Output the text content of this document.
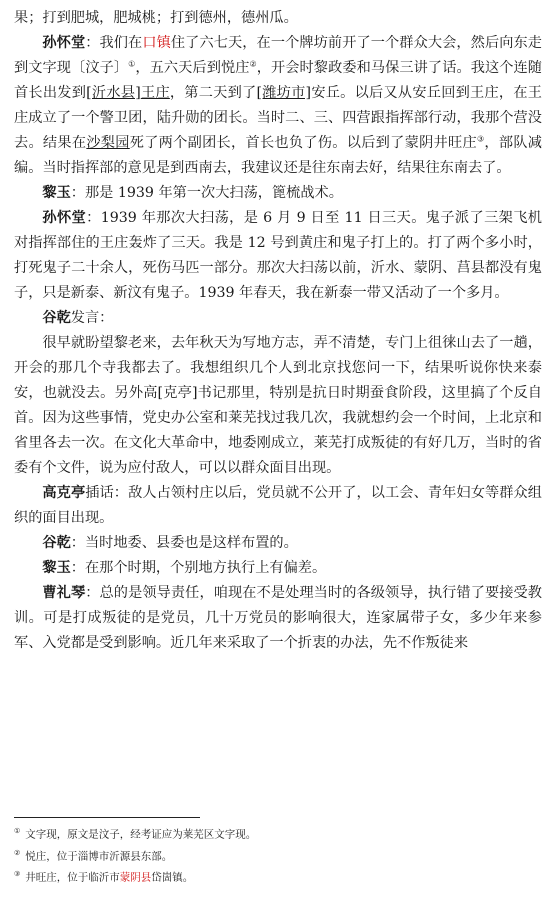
果；打到肥城，肥城桃；打到德州，德州瓜。

孙怀堂：我们在口镇住了六七天，在一个牌坊前开了一个群众大会，然后向东走到文字现〔汶子〕①，五六天后到悦庄②，开会时黎政委和马保三讲了话。我这个连随首长出发到[沂水县]王庄，第二天到了[潍坊市]安丘。以后又从安丘回到王庄，在王庄成立了一个警卫团，陆升勋的团长。当时二、三、四营跟指挥部行动，我那个营没去。结果在沙梨园死了两个副团长，首长也负了伤。以后到了蒙阴井旺庄③，部队减编。当时指挥部的意见是到西南去，我建议还是往东南去好，结果往东南去了。

黎玉：那是 1939 年第一次大扫荡，篦梳战术。

孙怀堂：1939 年那次大扫荡，是 6 月 9 日至 11 日三天。鬼子派了三架飞机对指挥部住的王庄轰炸了三天。我是 12 号到黄庄和鬼子打上的。打了两个多小时，打死鬼子二十余人，死伤马匹一部分。那次大扫荡以前，沂水、蒙阴、莒县都没有鬼子，只是新泰、新汶有鬼子。1939 年春天，我在新泰一带又活动了一个多月。

谷乾发言：

很早就盼望黎老来，去年秋天为写地方志，弄不清楚，专门上徂徕山去了一趟，开会的那几个寺我都去了。我想组织几个人到北京找您问一下，结果听说你快来泰安，也就没去。另外高[克亭]书记那里，特别是抗日时期蚕食阶段，这里搞了个反自首。因为这些事情，党史办公室和莱芜找过我几次，我就想约会一个时间，上北京和省里各去一次。在文化大革命中，地委刚成立，莱芜打成叛徒的有好几万，当时的省委有个文件，说为应付敌人，可以以群众面目出现。

高克亭插话：敌人占领村庄以后，党员就不公开了，以工会、青年妇女等群众组织的面目出现。

谷乾：当时地委、县委也是这样布置的。

黎玉：在那个时期，个别地方执行上有偏差。

曹礼琴：总的是领导责任，咱现在不是处理当时的各级领导，执行错了要接受教训。可是打成叛徒的是党员，几十万党员的影响很大，连家属带子女，多少年来参军、入党都是受到影响。近几年来采取了一个折衷的办法，先不作叛徒来

① 文字现，原文是汶子，经考证应为莱芜区文字现。

② 悦庄，位于淄博市沂源县东部。

③ 井旺庄，位于临沂市蒙阴县岱崮镇。
